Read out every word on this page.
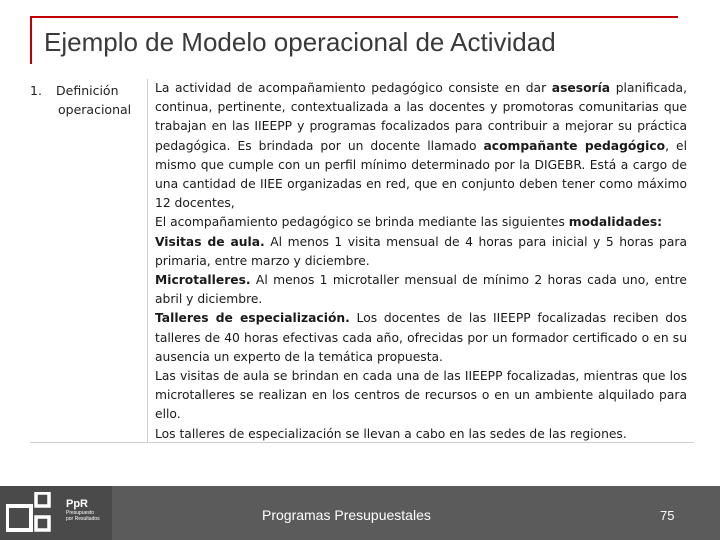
Ejemplo de Modelo operacional de Actividad
1. Definición
operacional

La actividad de acompañamiento pedagógico consiste en dar asesoría planificada, continua, pertinente, contextualizada a las docentes y promotoras comunitarias que trabajan en las IIEEPP y programas focalizados para contribuir a mejorar su práctica pedagógica. Es brindada por un docente llamado acompañante pedagógico, el mismo que cumple con un perfil mínimo determinado por la DIGEBR. Está a cargo de una cantidad de IIEE organizadas en red, que en conjunto deben tener como máximo 12 docentes,

El acompañamiento pedagógico se brinda mediante las siguientes modalidades:

Visitas de aula. Al menos 1 visita mensual de 4 horas para inicial y 5 horas para primaria, entre marzo y diciembre.

Microtalleres. Al menos 1 microtaller mensual de mínimo 2 horas cada uno, entre abril y diciembre.

Talleres de especialización. Los docentes de las IIEEPP focalizadas reciben dos talleres de 40 horas efectivas cada año, ofrecidas por un formador certificado o en su ausencia un experto de la temática propuesta.

Las visitas de aula se brindan en cada una de las IIEEPP focalizadas, mientras que los microtalleres se realizan en los centros de recursos o en un ambiente alquilado para ello.

Los talleres de especialización se llevan a cabo en las sedes de las regiones.

PpR
Presupuesto
por Resultados	Programas Presupuestales	75
